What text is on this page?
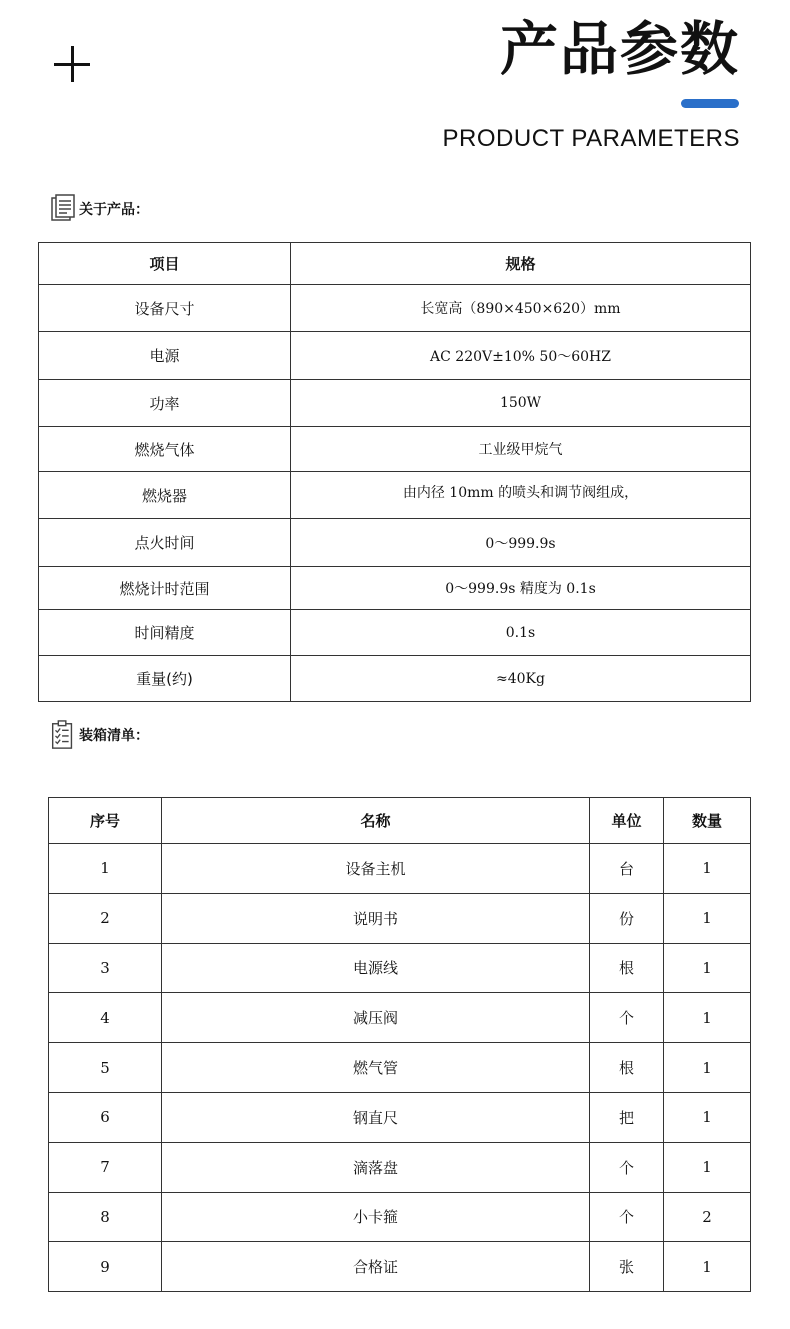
产品参数
PRODUCT PARAMETERS
关于产品：
项目	规格
设备尺寸	长宽高（890×450×620）mm
电源	AC 220V±10% 50～60HZ
功率	150W
燃烧气体	工业级甲烷气
燃烧器	由内径 10mm 的喷头和调节阀组成，
点火时间	0～999.9s
燃烧计时范围	0～999.9s 精度为 0.1s
时间精度	0.1s
重量(约)	≈40Kg
装箱清单：
序号	名称	单位	数量
1	设备主机	台	1
2	说明书	份	1
3	电源线	根	1
4	减压阀	个	1
5	燃气管	根	1
6	钢直尺	把	1
7	滴落盘	个	1
8	小卡箍	个	2
9	合格证	张	1
